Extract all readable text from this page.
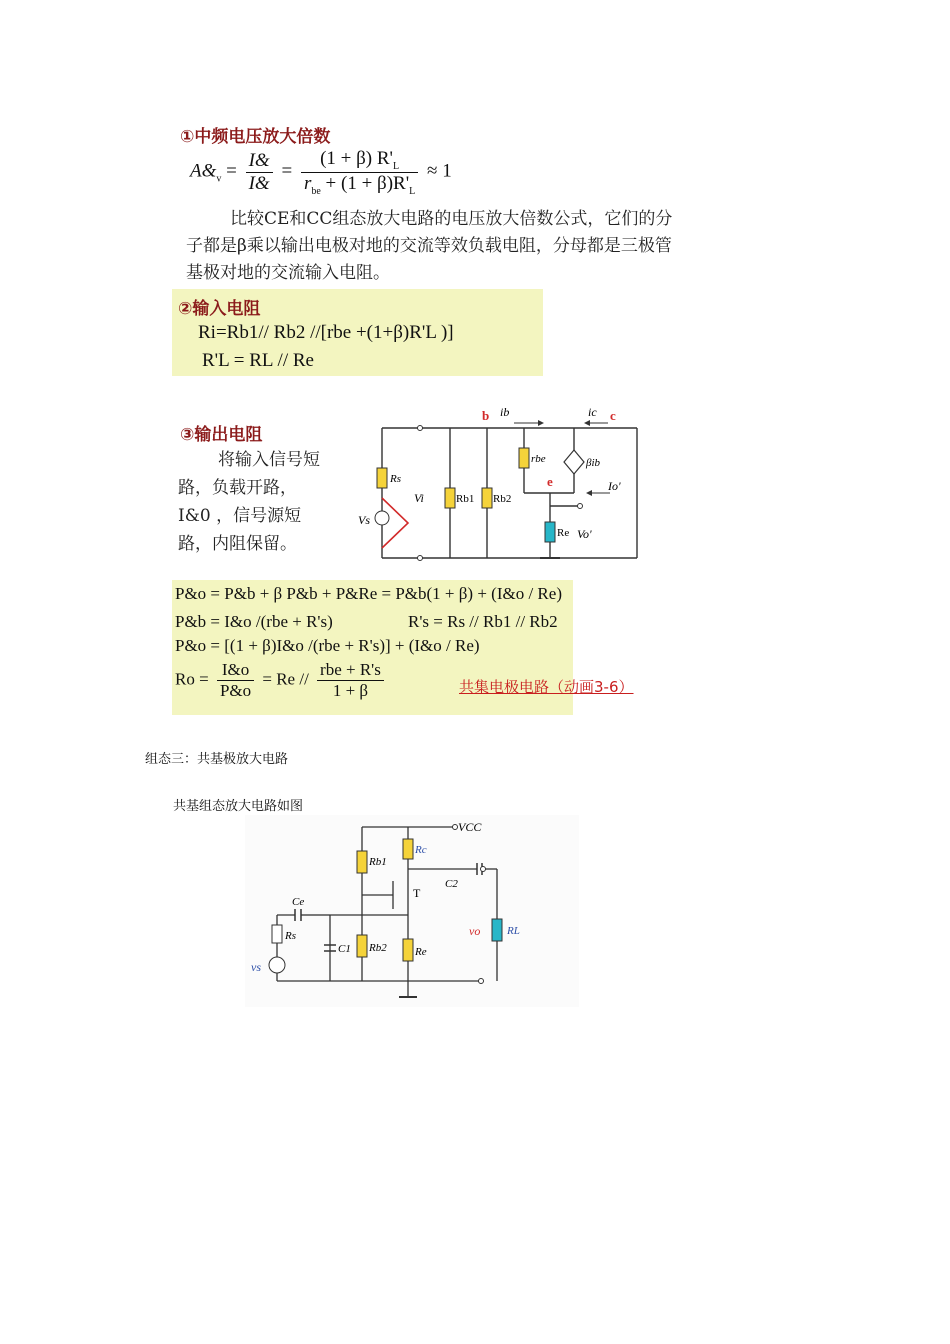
①中频电压放大倍数
$A\&_v = \frac{I\&}{I\&} = \frac{(1 + \beta) R'_L}{r_{be} + (1 + \beta)R'_L} \approx 1$
比较CE和CC组态放大电路的电压放大倍数公式，它们的分子都是β乘以输出电极对地的交流等效负载电阻，分母都是三极管基极对地的交流输入电阻。
②输入电阻
Ri=Rb1// Rb2 //[rbe +(1+β)R'L )]
R'L = RL // Re
③输出电阻
将输入信号短路，负载开路，I&0 ，信号源短路，内阻保留。
b	c
e
Rs
Rb1 Rb2
rbe
Re
βib
Vs
Vi
Vo'
ib	ic
Io'
P&o = P&b + β P&b + P&Re = P&b(1 + β) + (I&o / Re)
P&b = I&o /(rbe + R's)	R's = Rs // Rb1 // Rb2
P&o = [(1 + β)I&o /(rbe + R's)] + (I&o / Re)
$Ro = \frac{I\&o}{P\&o} = Re // \frac{\text{rbe + R's}}{1 + \beta}$	共集电极电路（动画3-6）
组态三：共基极放大电路
共基组态放大电路如图
VCC
Rb1
Rc
T
C2
Ce
Rs
C1 Rb2	Re
vo RL
vs
